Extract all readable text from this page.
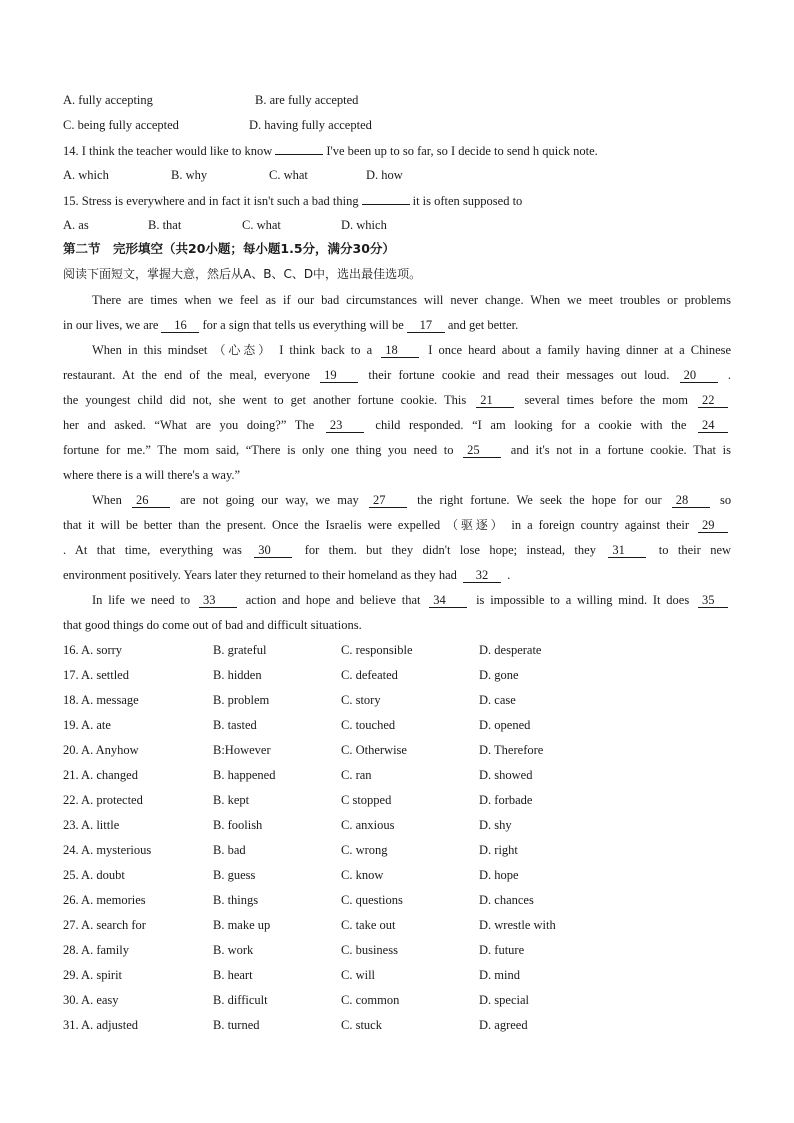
A. fully accepting	B. are fully accepted
C. being fully accepted	D. having fully accepted
14. I think the teacher would like to know	I've been up to so far, so I decide to send h quick note.
A. which	B. why	C. what	D. how
15. Stress is everywhere and in fact it isn't such a bad thing	it is often supposed to
A. as	B. that	C. what	D. which
第二节　完形填空（共20小题；每小题1.5分，满分30分）
阅读下面短文，掌握大意，然后从A、B、C、D中，选出最佳选项。
There are times when we feel as if our bad circumstances will never change. When we meet troubles or problems
in our lives, we are 16 for a sign that tells us everything will be 17 and get better.
When in this mindset （心态） I think back to a 18 I once heard about a family having dinner at a Chinese
restaurant. At the end of the meal, everyone 19	their fortune cookie and read their messages out loud. 20	.
the youngest child did not, she went to get another fortune cookie. This 21	several times before the mom 22
her and asked. “What are you doing?” The 23	child responded. “I am looking for a cookie with the 24
fortune for me.” The mom said, “There is only one thing you need to 25 and it's not in a fortune cookie. That is
where there is a will there's a way.”
When 26	are not going our way, we may 27	the right fortune. We seek the hope for our 28	so
that it will be better than the present. Once the Israelis were expelled （驱逐） in a foreign country against their 29
. At that time, everything was 30	for them. but they didn't lose hope; instead, they 31	to their new
environment positively. Years later they returned to their homeland as they had 32 .
In life we need to 33 action and hope and believe that 34 is impossible to a willing mind. It does 35
that good things do come out of bad and difficult situations.
16. A. sorry	B. grateful	C. responsible	D. desperate
17. A. settled	B. hidden	C. defeated	D. gone
18. A. message	B. problem	C. story	D. case
19. A. ate	B. tasted	C. touched	D. opened
20. A. Anyhow	B:However	C. Otherwise	D. Therefore
21. A. changed	B. happened	C. ran	D. showed
22. A. protected	B. kept	C stopped	D. forbade
23. A. little	B. foolish	C. anxious	D. shy
24. A. mysterious	B. bad	C. wrong	D. right
25. A. doubt	B. guess	C. know	D. hope
26. A. memories	B. things	C. questions	D. chances
27. A. search for	B. make up	C. take out	D. wrestle with
28. A. family	B. work	C. business	D. future
29. A. spirit	B. heart	C. will	D. mind
30. A. easy	B. difficult	C. common	D. special
31. A. adjusted	B. turned	C. stuck	D. agreed
